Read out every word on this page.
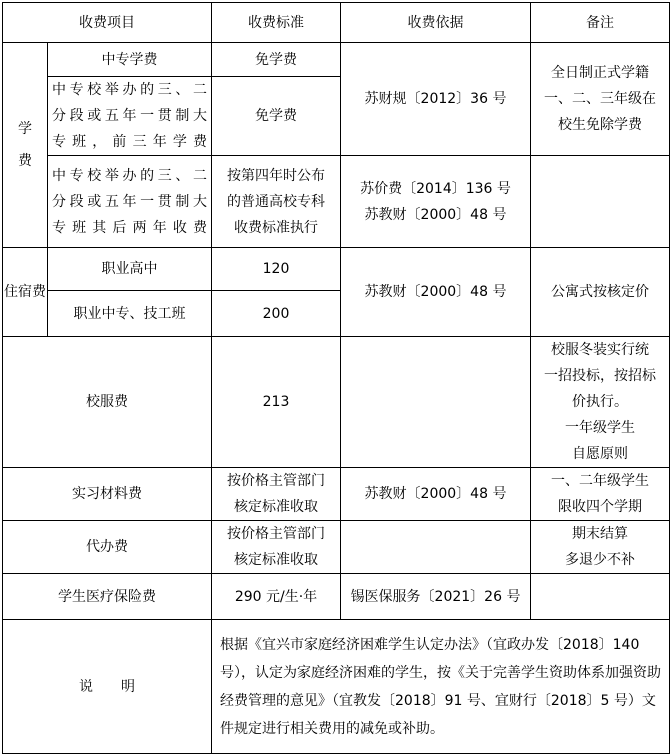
收费项目		收费标准	收费依据	备注
学
费	中专学费	免学费	苏财规〔2012〕36 号	全日制正式学籍
一、二、三年级在
校生免除学费
	中专校举办的三、二
分段或五年一贯制大
专班，前三年学费	免学费		
	中专校举办的三、二
分段或五年一贯制大
专班其后两年收费	按第四年时公布
的普通高校专科
收费标准执行	苏价费〔2014〕136 号
苏教财〔2000〕48 号	
住宿费	职业高中	120	苏教财〔2000〕48 号	公寓式按核定价
	职业中专、技工班	200		
校服费		213		校服冬装实行统
一招投标，按招标
价执行。
一年级学生
自愿原则
实习材料费		按价格主管部门
核定标准收取	苏教财〔2000〕48 号	一、二年级学生
限收四个学期
代办费		按价格主管部门
核定标准收取		期末结算
多退少不补
学生医疗保险费		290 元/生·年	锡医保服务〔2021〕26 号	
说　　明		根据《宜兴市家庭经济困难学生认定办法》（宜政办发〔2018〕140 号），认定为家庭经济困难的学生，按《关于完善学生资助体系加强资助经费管理的意见》（宜教发〔2018〕91 号、宜财行〔2018〕5 号）文件规定进行相关费用的减免或补助。		
